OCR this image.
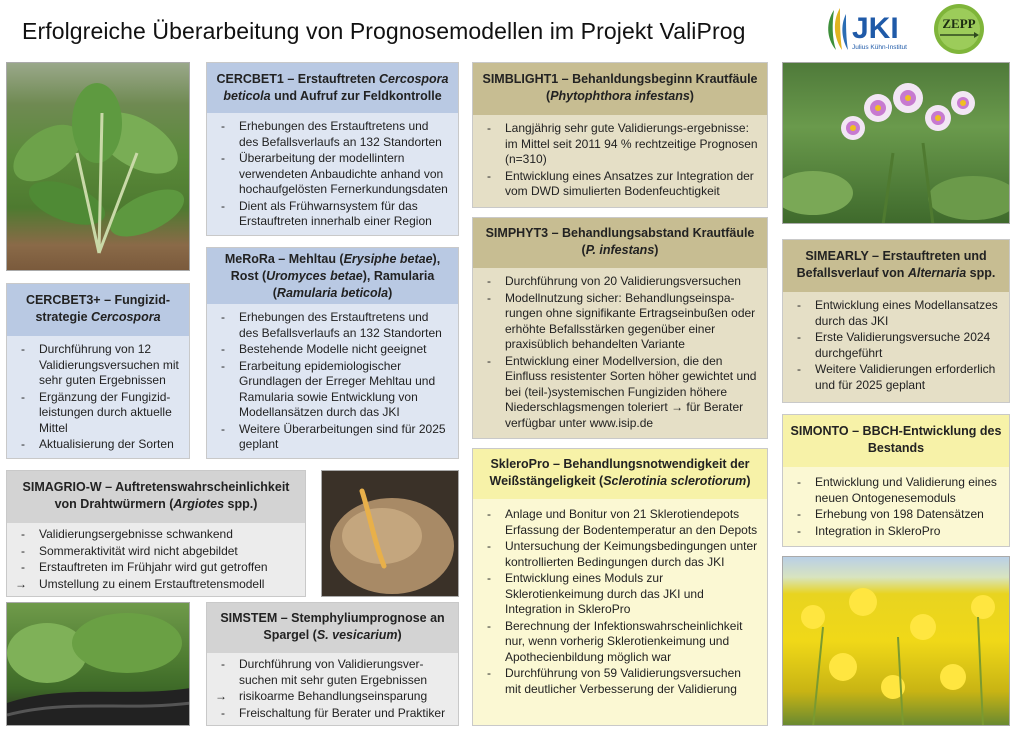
Erfolgreiche Überarbeitung von Prognosemodellen im Projekt ValiProg	JKI
Julius Kühn-Institut
ZEPP
CERCBET1 – Erstauftreten Cercospora beticola und Aufruf zur Feldkontrolle
- Erhebungen des Erstauftretens und des Befallsverlaufs an 132 Standorten
- Überarbeitung der modellintern verwendeten Anbaudichte anhand von hochaufgelösten Fernerkundungsdaten
- Dient als Frühwarnsystem für das Erstauftreten innerhalb einer Region
CERCBET3+ – Fungizid-strategie Cercospora
- Durchführung von 12 Validierungsversuchen mit sehr guten Ergebnissen
- Ergänzung der Fungizid-leistungen durch aktuelle Mittel
- Aktualisierung der Sorten
MeRoRa – Mehltau (Erysiphe betae), Rost (Uromyces betae), Ramularia (Ramularia beticola)
- Erhebungen des Erstauftretens und des Befallsverlaufs an 132 Standorten
- Bestehende Modelle nicht geeignet
- Erarbeitung epidemiologischer Grundlagen der Erreger Mehltau und Ramularia sowie Entwicklung von Modellansätzen durch das JKI
- Weitere Überarbeitungen sind für 2025 geplant
SIMAGRIO-W – Auftretenswahrscheinlichkeit von Drahtwürmern (Argiotes spp.)
- Validierungsergebnisse schwankend
- Sommeraktivität wird nicht abgebildet
- Erstauftreten im Frühjahr wird gut getroffen
→ Umstellung zu einem Erstauftretensmodell
SIMSTEM – Stemphyliumprognose an Spargel (S. vesicarium)
- Durchführung von Validierungsver-suchen mit sehr guten Ergebnissen
→ risikoarme Behandlungseinsparung
- Freischaltung für Berater und Praktiker
SIMBLIGHT1 – Behanldungsbeginn Krautfäule (Phytophthora infestans)
- Langjährig sehr gute Validierungs-ergebnisse: im Mittel seit 2011 94 % rechtzeitige Prognosen (n=310)
- Entwicklung eines Ansatzes zur Integration der vom DWD simulierten Bodenfeuchtigkeit
SIMPHYT3 – Behandlungsabstand Krautfäule (P. infestans)
- Durchführung von 20 Validierungsversuchen
- Modellnutzung sicher: Behandlungseinspa-rungen ohne signifikante Ertragseinbußen oder erhöhte Befallsstärken gegenüber einer praxisüblich behandelten Variante
- Entwicklung einer Modellversion, die den Einfluss resistenter Sorten höher gewichtet und bei (teil-)systemischen Fungiziden höhere Niederschlagsmengen toleriert → für Berater verfügbar unter www.isip.de
SkleroPro – Behandlungsnotwendigkeit der Weißstängeligkeit (Sclerotinia sclerotiorum)
- Anlage und Bonitur von 21 Sklerotiendepots Erfassung der Bodentemperatur an den Depots
- Untersuchung der Keimungsbedingungen unter kontrollierten Bedingungen durch das JKI
- Entwicklung eines Moduls zur Sklerotienkeimung durch das JKI und Integration in SkleroPro
- Berechnung der Infektionswahrscheinlichkeit nur, wenn vorherig Sklerotienkeimung und Apothecienbildung möglich war
- Durchführung von 59 Validierungsversuchen mit deutlicher Verbesserung der Validierung
SIMEARLY – Erstauftreten und Befallsverlauf von Alternaria spp.
- Entwicklung eines Modellansatzes durch das JKI
- Erste Validierungsversuche 2024 durchgeführt
- Weitere Validierungen erforderlich und für 2025 geplant
SIMONTO – BBCH-Entwicklung des Bestands
- Entwicklung und Validierung eines neuen Ontogenesemoduls
- Erhebung von 198 Datensätzen
- Integration in SkleroPro
